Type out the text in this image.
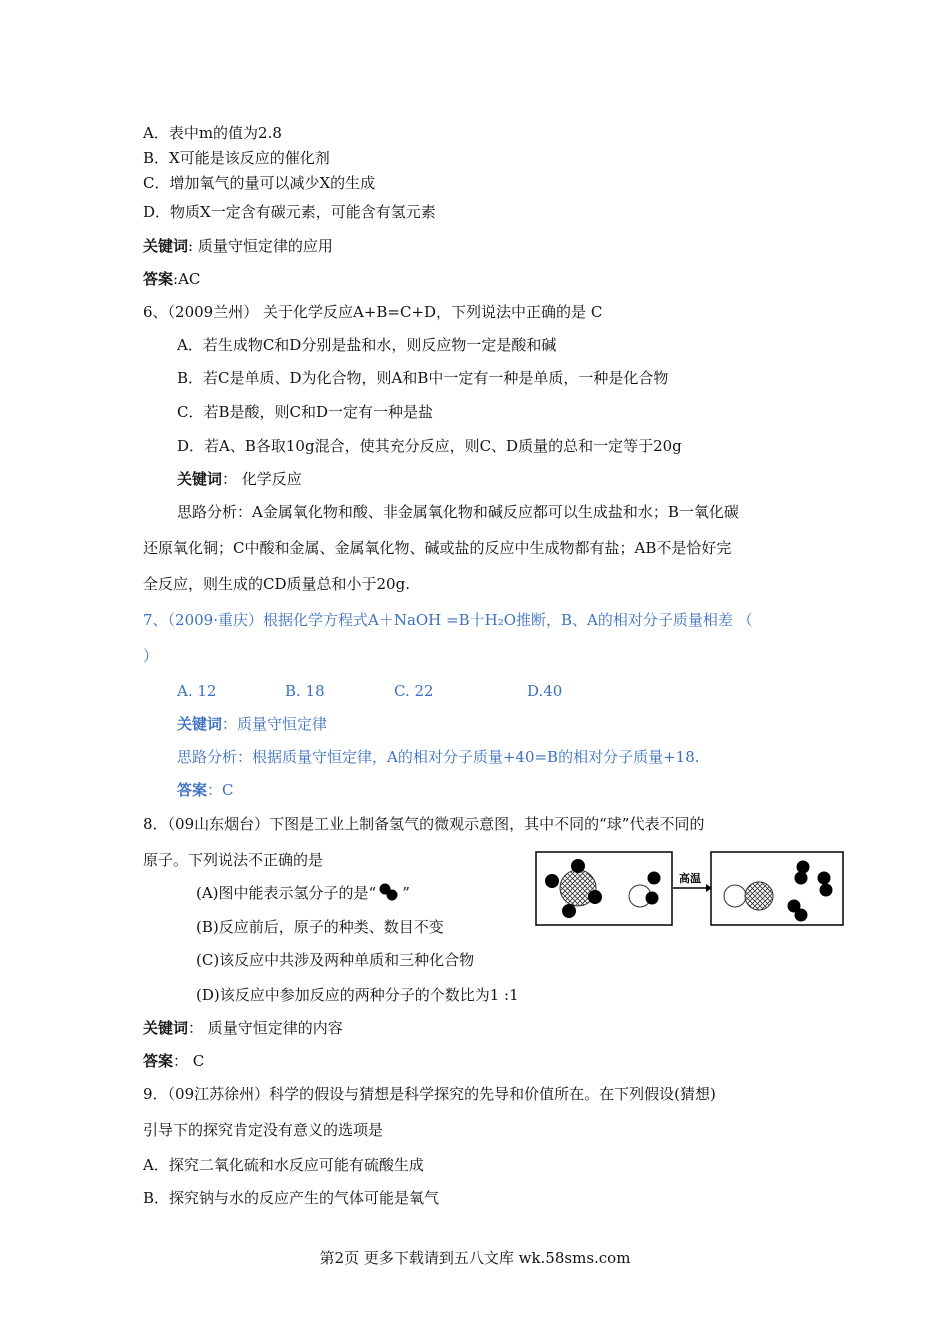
A．表中m的值为2.8
B．X可能是该反应的催化剂
C．增加氧气的量可以减少X的生成
D．物质X一定含有碳元素，可能含有氢元素
关键词: 质量守恒定律的应用
答案:AC
6、（2009兰州） 关于化学反应A+B=C+D，下列说法中正确的是 C
A．若生成物C和D分别是盐和水，则反应物一定是酸和碱
B．若C是单质、D为化合物，则A和B中一定有一种是单质，一种是化合物
C．若B是酸，则C和D一定有一种是盐
D．若A、B各取10g混合，使其充分反应，则C、D质量的总和一定等于20g
关键词： 化学反应
思路分析：A金属氧化物和酸、非金属氧化物和碱反应都可以生成盐和水；B一氧化碳
还原氧化铜；C中酸和金属、金属氧化物、碱或盐的反应中生成物都有盐；AB不是恰好完
全反应，则生成的CD质量总和小于20g.
7、（2009·重庆）根据化学方程式A＋NaOH =B十H₂O推断，B、A的相对分子质量相差 （
）
A. 12	B. 18	C. 22	D.40
关键词：质量守恒定律
思路分析：根据质量守恒定律，A的相对分子质量+40=B的相对分子质量+18.
答案：C
8．（09山东烟台）下图是工业上制备氢气的微观示意图，其中不同的“球”代表不同的
原子。下列说法不正确的是
(A)图中能表示氢分子的是“ ”
(B)反应前后，原子的种类、数目不变
(C)该反应中共涉及两种单质和三种化合物
(D)该反应中参加反应的两种分子的个数比为1 :1
高温
关键词： 质量守恒定律的内容
答案： C
9．（09江苏徐州）科学的假设与猜想是科学探究的先导和价值所在。在下列假设(猜想)
引导下的探究肯定没有意义的选项是
A．探究二氧化硫和水反应可能有硫酸生成
B．探究钠与水的反应产生的气体可能是氧气
第2页 更多下载请到五八文库 wk.58sms.com
